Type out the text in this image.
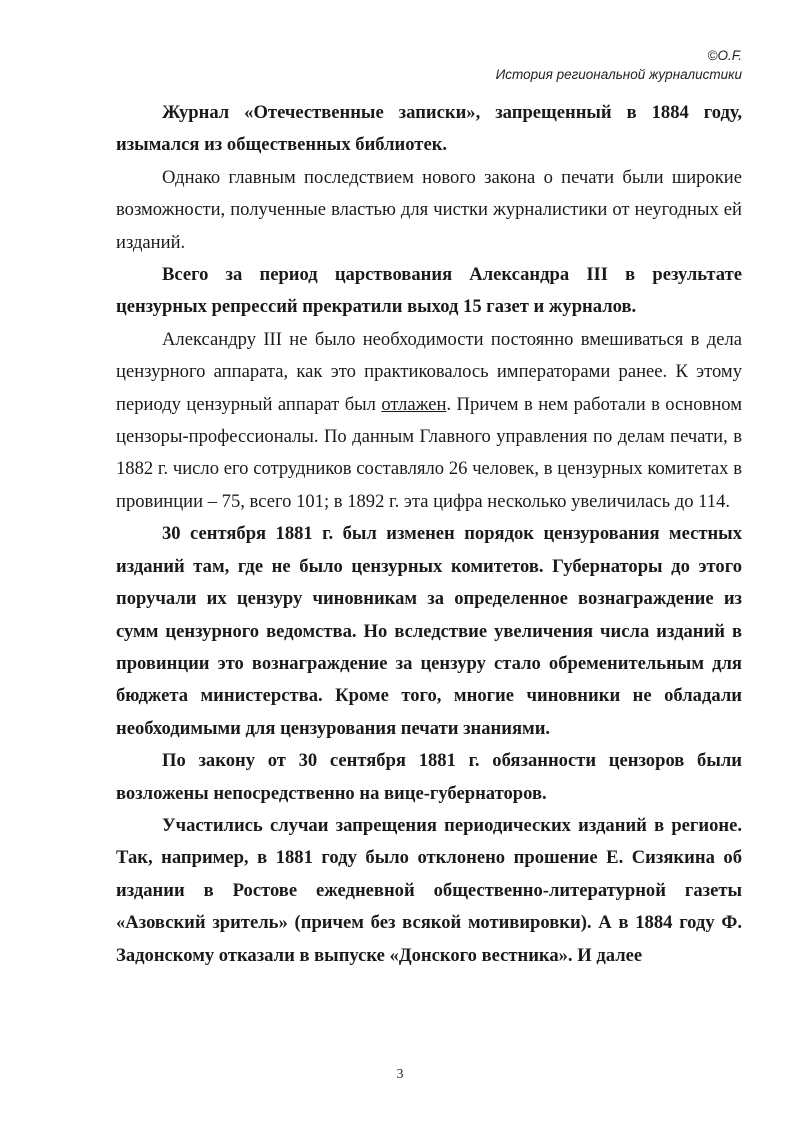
©O.F.
История региональной журналистики

Журнал «Отечественные записки», запрещенный в 1884 году, изымался из общественных библиотек.

Однако главным последствием нового закона о печати были широкие возможности, полученные властью для чистки журналистики от неугодных ей изданий.

Всего за период царствования Александра III в результате цензурных репрессий прекратили выход 15 газет и журналов.

Александру III не было необходимости постоянно вмешиваться в дела цензурного аппарата, как это практиковалось императорами ранее. К этому периоду цензурный аппарат был отлажен. Причем в нем работали в основном цензоры-профессионалы. По данным Главного управления по делам печати, в 1882 г. число его сотрудников составляло 26 человек, в цензурных комитетах в провинции – 75, всего 101; в 1892 г. эта цифра несколько увеличилась до 114.

30 сентября 1881 г. был изменен порядок цензурования местных изданий там, где не было цензурных комитетов. Губернаторы до этого поручали их цензуру чиновникам за определенное вознаграждение из сумм цензурного ведомства. Но вследствие увеличения числа изданий в провинции это вознаграждение за цензуру стало обременительным для бюджета министерства. Кроме того, многие чиновники не обладали необходимыми для цензурования печати знаниями.

По закону от 30 сентября 1881 г. обязанности цензоров были возложены непосредственно на вице-губернаторов.

Участились случаи запрещения периодических изданий в регионе. Так, например, в 1881 году было отклонено прошение Е. Сизякина об издании в Ростове ежедневной общественно-литературной газеты «Азовский зритель» (причем без всякой мотивировки). А в 1884 году Ф. Задонскому отказали в выпуске «Донского вестника». И далее

3
